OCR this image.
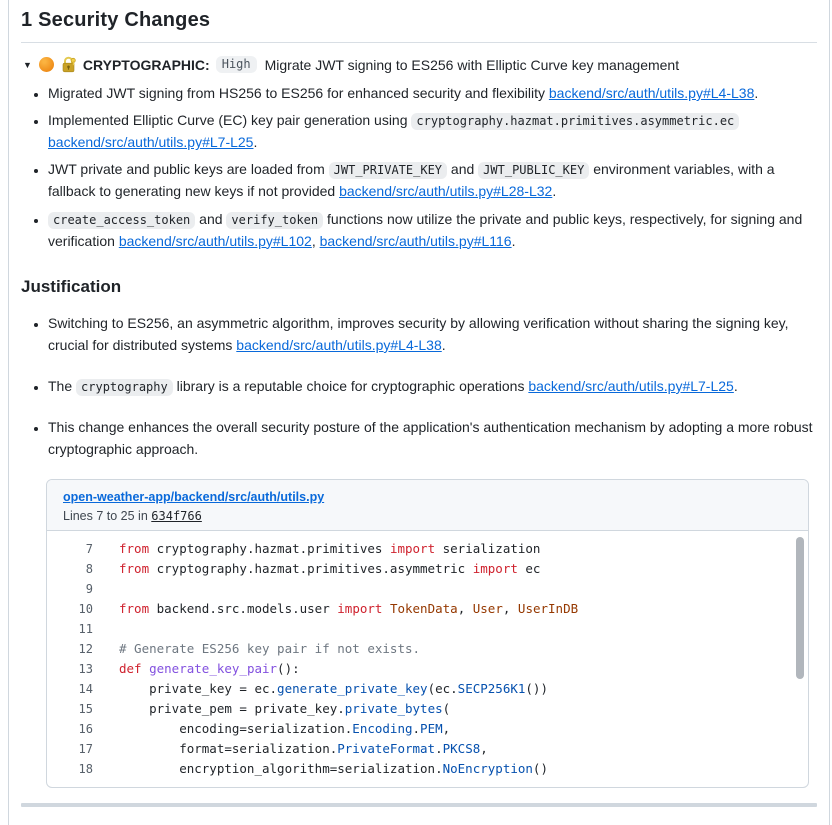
1 Security Changes
▼	CRYPTOGRAPHIC:	High	Migrate JWT signing to ES256 with Elliptic Curve key management
• Migrated JWT signing from HS256 to ES256 for enhanced security and flexibility backend/src/auth/utils.py#L4-L38.
• Implemented Elliptic Curve (EC) key pair generation using cryptography.hazmat.primitives.asymmetric.ec backend/src/auth/utils.py#L7-L25.
• JWT private and public keys are loaded from JWT_PRIVATE_KEY and JWT_PUBLIC_KEY environment variables, with a fallback to generating new keys if not provided backend/src/auth/utils.py#L28-L32.
• create_access_token and verify_token functions now utilize the private and public keys, respectively, for signing and verification backend/src/auth/utils.py#L102, backend/src/auth/utils.py#L116.
Justification
• Switching to ES256, an asymmetric algorithm, improves security by allowing verification without sharing the signing key, crucial for distributed systems backend/src/auth/utils.py#L4-L38.
• The cryptography library is a reputable choice for cryptographic operations backend/src/auth/utils.py#L7-L25.
• This change enhances the overall security posture of the application's authentication mechanism by adopting a more robust cryptographic approach.
open-weather-app/backend/src/auth/utils.py
Lines 7 to 25 in 634f766
7	from cryptography.hazmat.primitives import serialization
8	from cryptography.hazmat.primitives.asymmetric import ec
9
10	from backend.src.models.user import TokenData, User, UserInDB
11
12	# Generate ES256 key pair if not exists.
13	def generate_key_pair():
14	private_key = ec.generate_private_key(ec.SECP256K1())
15	private_pem = private_key.private_bytes(
16	encoding=serialization.Encoding.PEM,
17	format=serialization.PrivateFormat.PKCS8,
18	encryption_algorithm=serialization.NoEncryption()
